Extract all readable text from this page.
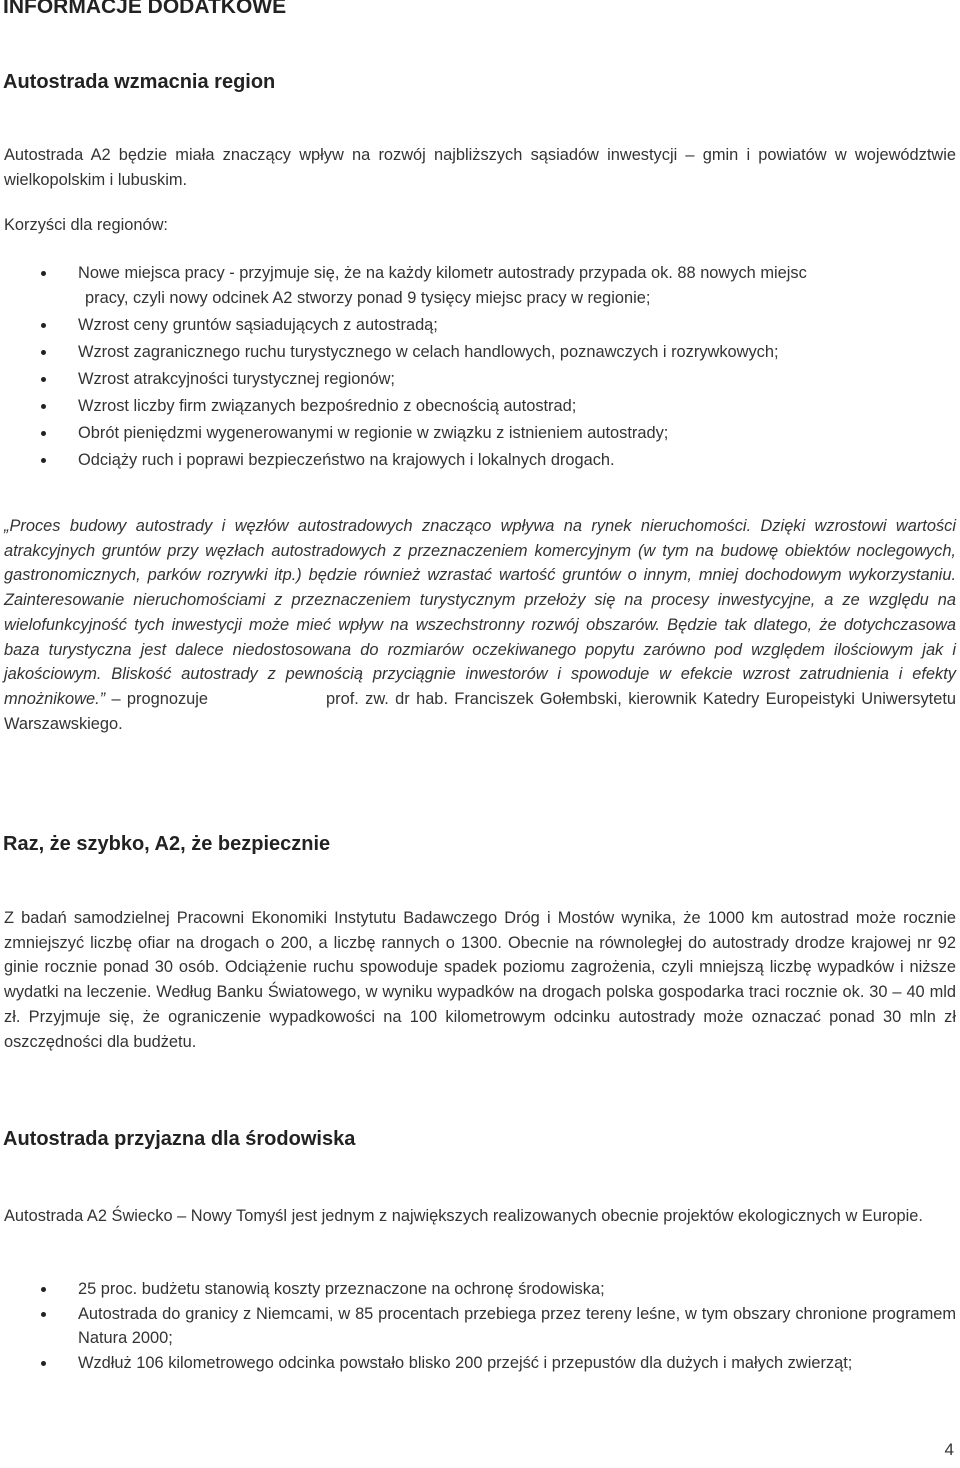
INFORMACJE DODATKOWE
Autostrada wzmacnia region

Autostrada A2 będzie miała znaczący wpływ na rozwój najbliższych sąsiadów inwestycji – gmin i powiatów w województwie wielkopolskim i lubuskim.

Korzyści dla regionów:

Nowe miejsca pracy - przyjmuje się, że na każdy kilometr autostrady przypada ok. 88 nowych miejsc
pracy, czyli nowy odcinek A2 stworzy ponad 9 tysięcy miejsc pracy w regionie;
Wzrost ceny gruntów sąsiadujących z autostradą;
Wzrost zagranicznego ruchu turystycznego w celach handlowych, poznawczych i rozrywkowych;
Wzrost atrakcyjności turystycznej regionów;
Wzrost liczby firm związanych bezpośrednio z obecnością autostrad;
Obrót pieniędzmi wygenerowanymi w regionie w związku z istnieniem autostrady;
Odciąży ruch i poprawi bezpieczeństwo na krajowych i lokalnych drogach.

„Proces budowy autostrady i węzłów autostradowych znacząco wpływa na rynek nieruchomości. Dzięki wzrostowi wartości atrakcyjnych gruntów przy węzłach autostradowych z przeznaczeniem komercyjnym (w tym na budowę obiektów noclegowych, gastronomicznych, parków rozrywki itp.) będzie również wzrastać wartość gruntów o innym, mniej dochodowym wykorzystaniu. Zainteresowanie nieruchomościami z przeznaczeniem turystycznym przełoży się na procesy inwestycyjne, a ze względu na wielofunkcyjność tych inwestycji może mieć wpływ na wszechstronny rozwój obszarów. Będzie tak dlatego, że dotychczasowa baza turystyczna jest dalece niedostosowana do rozmiarów oczekiwanego popytu zarówno pod względem ilościowym jak i jakościowym. Bliskość autostrady z pewnością przyciągnie inwestorów i spowoduje w efekcie wzrost zatrudnienia i efekty mnożnikowe.” – prognozuje	prof. zw. dr hab. Franciszek Gołembski, kierownik Katedry Europeistyki Uniwersytetu Warszawskiego.

Raz, że szybko, A2, że bezpiecznie

Z badań samodzielnej Pracowni Ekonomiki Instytutu Badawczego Dróg i Mostów wynika, że 1000 km autostrad może rocznie zmniejszyć liczbę ofiar na drogach o 200, a liczbę rannych o 1300. Obecnie na równoległej do autostrady drodze krajowej nr 92 ginie rocznie ponad 30 osób. Odciążenie ruchu spowoduje spadek poziomu zagrożenia, czyli mniejszą liczbę wypadków i niższe wydatki na leczenie. Według Banku Światowego, w wyniku wypadków na drogach polska gospodarka traci rocznie ok. 30 – 40 mld zł. Przyjmuje się, że ograniczenie wypadkowości na 100 kilometrowym odcinku autostrady może oznaczać ponad 30 mln zł oszczędności dla budżetu.

Autostrada przyjazna dla środowiska

Autostrada A2 Świecko – Nowy Tomyśl jest jednym z największych realizowanych obecnie projektów ekologicznych w Europie.

25 proc. budżetu stanowią koszty przeznaczone na ochronę środowiska;
Autostrada do granicy z Niemcami, w 85 procentach przebiega przez tereny leśne, w tym obszary chronione programem Natura 2000;
Wzdłuż 106 kilometrowego odcinka powstało blisko 200 przejść i przepustów dla dużych i małych zwierząt;
4
